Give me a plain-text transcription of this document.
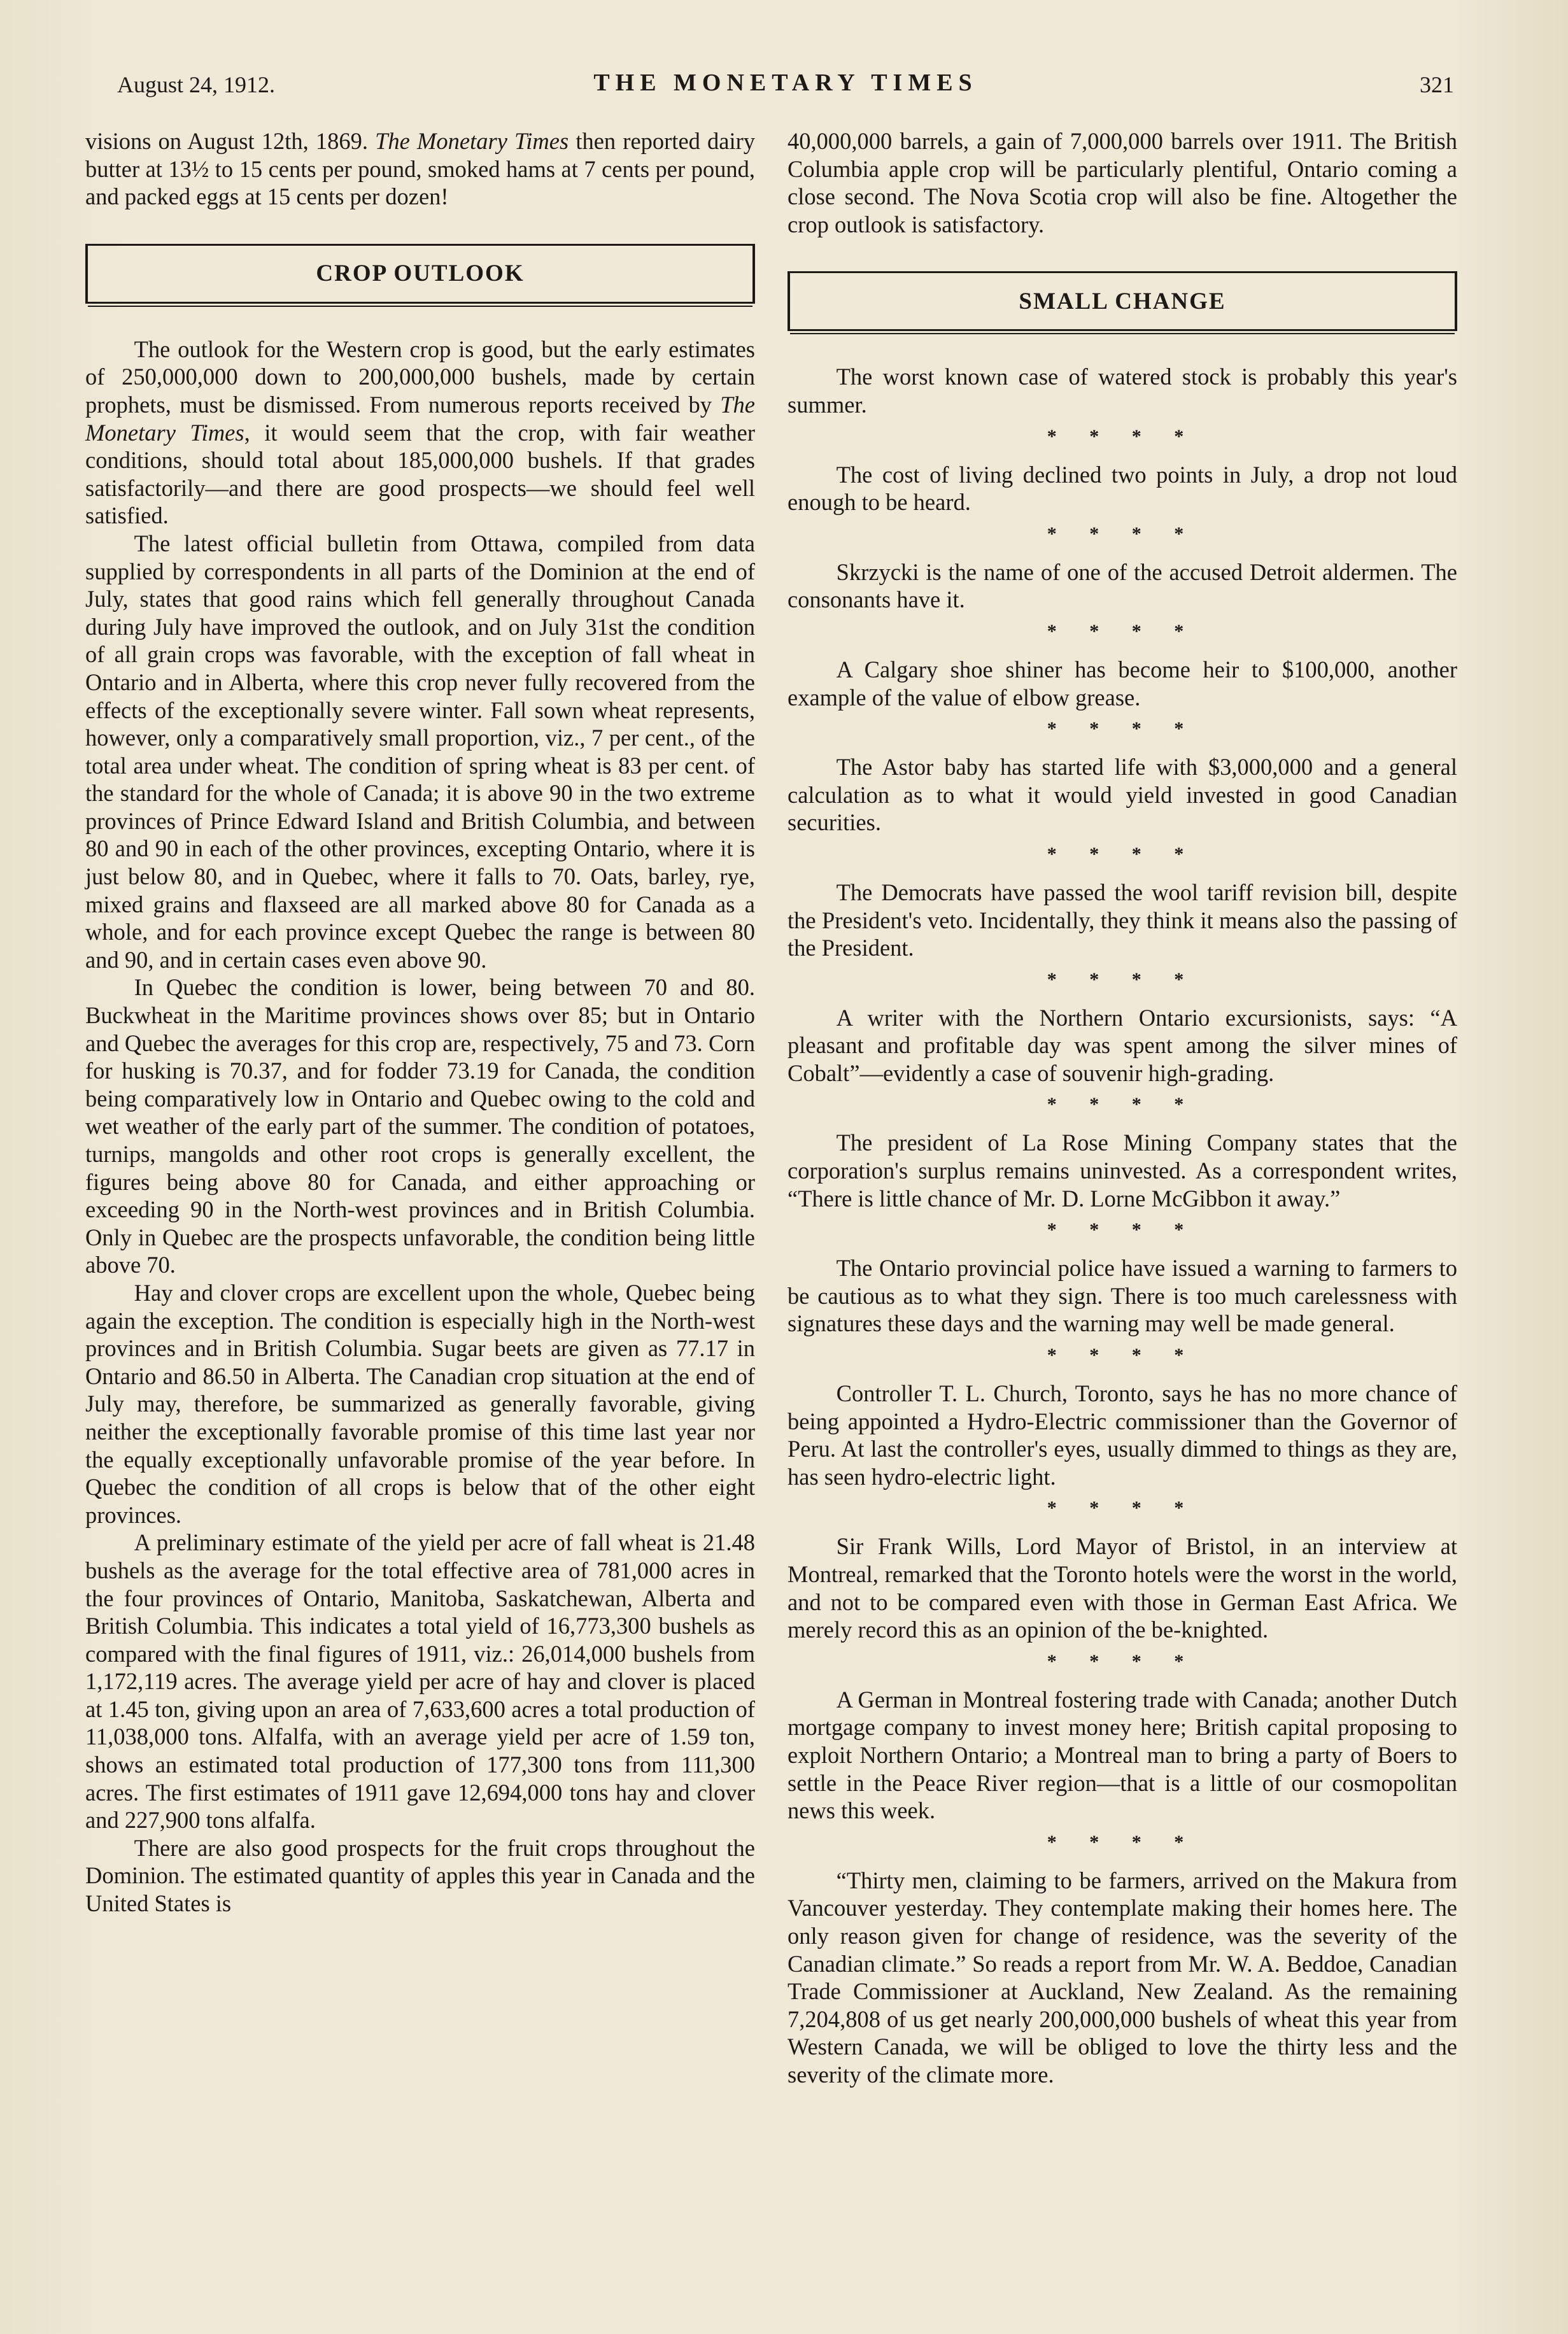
August 24, 1912.	THE MONETARY TIMES	321

visions on August 12th, 1869. The Monetary Times then reported dairy butter at 13½ to 15 cents per pound, smoked hams at 7 cents per pound, and packed eggs at 15 cents per dozen!

CROP OUTLOOK

The outlook for the Western crop is good, but the early estimates of 250,000,000 down to 200,000,000 bushels, made by certain prophets, must be dismissed. From numerous reports received by The Monetary Times, it would seem that the crop, with fair weather conditions, should total about 185,000,000 bushels. If that grades satisfactorily—and there are good prospects—we should feel well satisfied.

The latest official bulletin from Ottawa, compiled from data supplied by correspondents in all parts of the Dominion at the end of July, states that good rains which fell generally throughout Canada during July have improved the outlook, and on July 31st the condition of all grain crops was favorable, with the exception of fall wheat in Ontario and in Alberta, where this crop never fully recovered from the effects of the exceptionally severe winter. Fall sown wheat represents, however, only a comparatively small proportion, viz., 7 per cent., of the total area under wheat. The condition of spring wheat is 83 per cent. of the standard for the whole of Canada; it is above 90 in the two extreme provinces of Prince Edward Island and British Columbia, and between 80 and 90 in each of the other provinces, excepting Ontario, where it is just below 80, and in Quebec, where it falls to 70. Oats, barley, rye, mixed grains and flaxseed are all marked above 80 for Canada as a whole, and for each province except Quebec the range is between 80 and 90, and in certain cases even above 90.

In Quebec the condition is lower, being between 70 and 80. Buckwheat in the Maritime provinces shows over 85; but in Ontario and Quebec the averages for this crop are, respectively, 75 and 73. Corn for husking is 70.37, and for fodder 73.19 for Canada, the condition being comparatively low in Ontario and Quebec owing to the cold and wet weather of the early part of the summer. The condition of potatoes, turnips, mangolds and other root crops is generally excellent, the figures being above 80 for Canada, and either approaching or exceeding 90 in the North-west provinces and in British Columbia. Only in Quebec are the prospects unfavorable, the condition being little above 70.

Hay and clover crops are excellent upon the whole, Quebec being again the exception. The condition is especially high in the North-west provinces and in British Columbia. Sugar beets are given as 77.17 in Ontario and 86.50 in Alberta. The Canadian crop situation at the end of July may, therefore, be summarized as generally favorable, giving neither the exceptionally favorable promise of this time last year nor the equally exceptionally unfavorable promise of the year before. In Quebec the condition of all crops is below that of the other eight provinces.

A preliminary estimate of the yield per acre of fall wheat is 21.48 bushels as the average for the total effective area of 781,000 acres in the four provinces of Ontario, Manitoba, Saskatchewan, Alberta and British Columbia. This indicates a total yield of 16,773,300 bushels as compared with the final figures of 1911, viz.: 26,014,000 bushels from 1,172,119 acres. The average yield per acre of hay and clover is placed at 1.45 ton, giving upon an area of 7,633,600 acres a total production of 11,038,000 tons. Alfalfa, with an average yield per acre of 1.59 ton, shows an estimated total production of 177,300 tons from 111,300 acres. The first estimates of 1911 gave 12,694,000 tons hay and clover and 227,900 tons alfalfa.

There are also good prospects for the fruit crops throughout the Dominion. The estimated quantity of apples this year in Canada and the United States is

40,000,000 barrels, a gain of 7,000,000 barrels over 1911. The British Columbia apple crop will be particularly plentiful, Ontario coming a close second. The Nova Scotia crop will also be fine. Altogether the crop outlook is satisfactory.

SMALL CHANGE

The worst known case of watered stock is probably this year's summer.

* * * *

The cost of living declined two points in July, a drop not loud enough to be heard.

* * * *

Skrzycki is the name of one of the accused Detroit aldermen. The consonants have it.

* * * *

A Calgary shoe shiner has become heir to $100,000, another example of the value of elbow grease.

* * * *

The Astor baby has started life with $3,000,000 and a general calculation as to what it would yield invested in good Canadian securities.

* * * *

The Democrats have passed the wool tariff revision bill, despite the President's veto. Incidentally, they think it means also the passing of the President.

* * * *

A writer with the Northern Ontario excursionists, says: “A pleasant and profitable day was spent among the silver mines of Cobalt”—evidently a case of souvenir high-grading.

* * * *

The president of La Rose Mining Company states that the corporation's surplus remains uninvested. As a correspondent writes, “There is little chance of Mr. D. Lorne McGibbon it away.”

* * * *

The Ontario provincial police have issued a warning to farmers to be cautious as to what they sign. There is too much carelessness with signatures these days and the warning may well be made general.

* * * *

Controller T. L. Church, Toronto, says he has no more chance of being appointed a Hydro-Electric commissioner than the Governor of Peru. At last the controller's eyes, usually dimmed to things as they are, has seen hydro-electric light.

* * * *

Sir Frank Wills, Lord Mayor of Bristol, in an interview at Montreal, remarked that the Toronto hotels were the worst in the world, and not to be compared even with those in German East Africa. We merely record this as an opinion of the be-knighted.

* * * *

A German in Montreal fostering trade with Canada; another Dutch mortgage company to invest money here; British capital proposing to exploit Northern Ontario; a Montreal man to bring a party of Boers to settle in the Peace River region—that is a little of our cosmopolitan news this week.

* * * *

“Thirty men, claiming to be farmers, arrived on the Makura from Vancouver yesterday. They contemplate making their homes here. The only reason given for change of residence, was the severity of the Canadian climate.” So reads a report from Mr. W. A. Beddoe, Canadian Trade Commissioner at Auckland, New Zealand. As the remaining 7,204,808 of us get nearly 200,000,000 bushels of wheat this year from Western Canada, we will be obliged to love the thirty less and the severity of the climate more.
